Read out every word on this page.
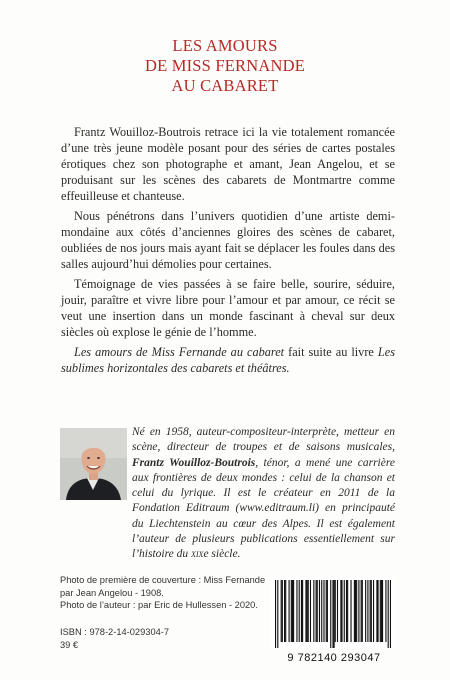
LES AMOURS
DE MISS FERNANDE
AU CABARET

Frantz Wouilloz-Boutrois retrace ici la vie totalement romancée d’une très jeune modèle posant pour des séries de cartes postales érotiques chez son photographe et amant, Jean Angelou, et se produisant sur les scènes des cabarets de Montmartre comme effeuilleuse et chanteuse.

Nous pénétrons dans l’univers quotidien d’une artiste demi-mondaine aux côtés d’anciennes gloires des scènes de cabaret, oubliées de nos jours mais ayant fait se déplacer les foules dans des salles aujourd’hui démolies pour certaines.

Témoignage de vies passées à se faire belle, sourire, séduire, jouir, paraître et vivre libre pour l’amour et par amour, ce récit se veut une insertion dans un monde fascinant à cheval sur deux siècles où explose le génie de l’homme.

Les amours de Miss Fernande au cabaret fait suite au livre Les sublimes horizontales des cabarets et théâtres.

Né en 1958, auteur-compositeur-interprète, metteur en scène, directeur de troupes et de saisons musicales, Frantz Wouilloz-Boutrois, ténor, a mené une carrière aux frontières de deux mondes : celui de la chanson et celui du lyrique. Il est le créateur en 2011 de la Fondation Editraum (www.editraum.li) en principauté du Liechtenstein au cœur des Alpes. Il est également l’auteur de plusieurs publications essentiellement sur l’histoire du xixe siècle.
Photo de première de couverture : Miss Fernande
par Jean Angelou - 1908.
Photo de l’auteur : par Eric de Hullessen - 2020.
ISBN : 978-2-14-029304-7
39 €
9 782140 293047
